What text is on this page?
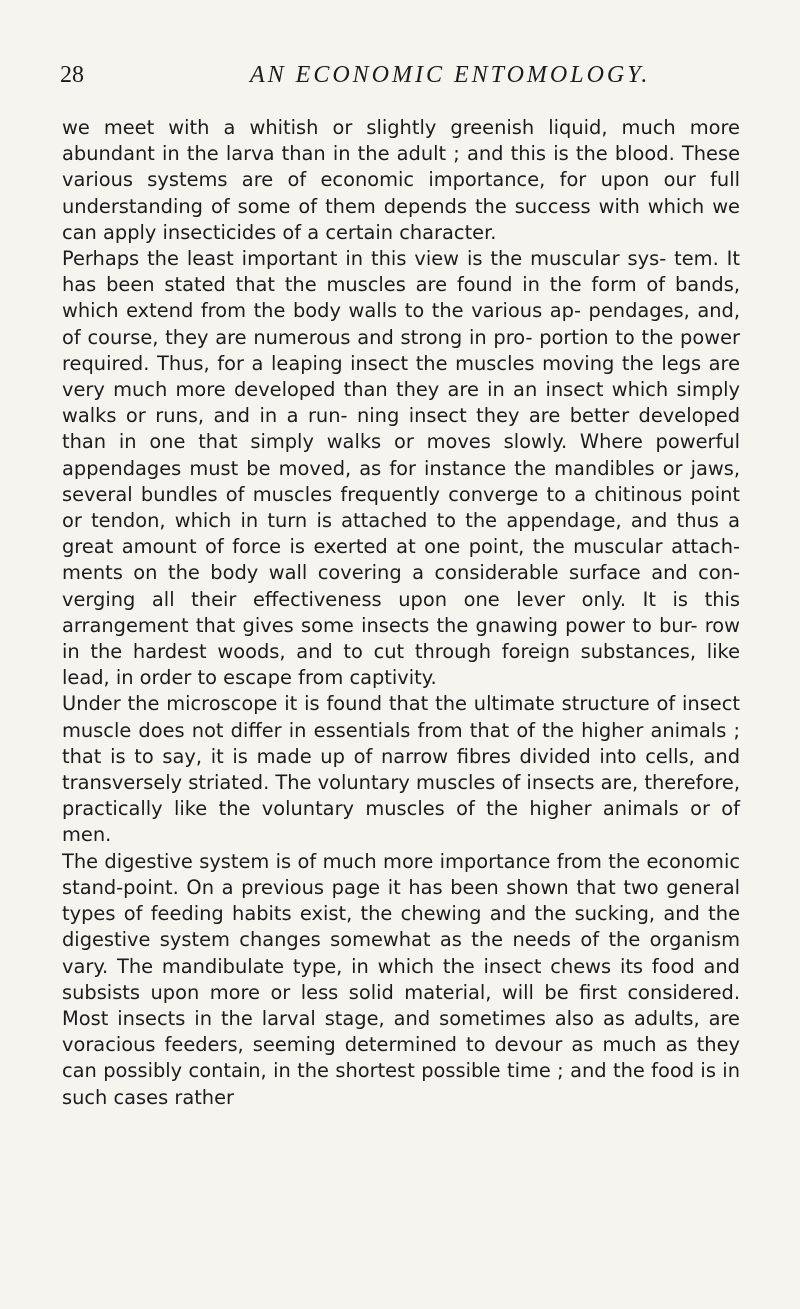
28	AN ECONOMIC ENTOMOLOGY.

we meet with a whitish or slightly greenish liquid, much more abundant in the larva than in the adult ; and this is the blood. These various systems are of economic importance, for upon our full understanding of some of them depends the success with which we can apply insecticides of a certain character.

Perhaps the least important in this view is the muscular sys- tem. It has been stated that the muscles are found in the form of bands, which extend from the body walls to the various ap- pendages, and, of course, they are numerous and strong in pro- portion to the power required. Thus, for a leaping insect the muscles moving the legs are very much more developed than they are in an insect which simply walks or runs, and in a run- ning insect they are better developed than in one that simply walks or moves slowly. Where powerful appendages must be moved, as for instance the mandibles or jaws, several bundles of muscles frequently converge to a chitinous point or tendon, which in turn is attached to the appendage, and thus a great amount of force is exerted at one point, the muscular attach- ments on the body wall covering a considerable surface and con- verging all their effectiveness upon one lever only. It is this arrangement that gives some insects the gnawing power to bur- row in the hardest woods, and to cut through foreign substances, like lead, in order to escape from captivity.

Under the microscope it is found that the ultimate structure of insect muscle does not differ in essentials from that of the higher animals ; that is to say, it is made up of narrow fibres divided into cells, and transversely striated. The voluntary muscles of insects are, therefore, practically like the voluntary muscles of the higher animals or of men.

The digestive system is of much more importance from the economic stand-point. On a previous page it has been shown that two general types of feeding habits exist, the chewing and the sucking, and the digestive system changes somewhat as the needs of the organism vary. The mandibulate type, in which the insect chews its food and subsists upon more or less solid material, will be first considered. Most insects in the larval stage, and sometimes also as adults, are voracious feeders, seeming determined to devour as much as they can possibly contain, in the shortest possible time ; and the food is in such cases rather
